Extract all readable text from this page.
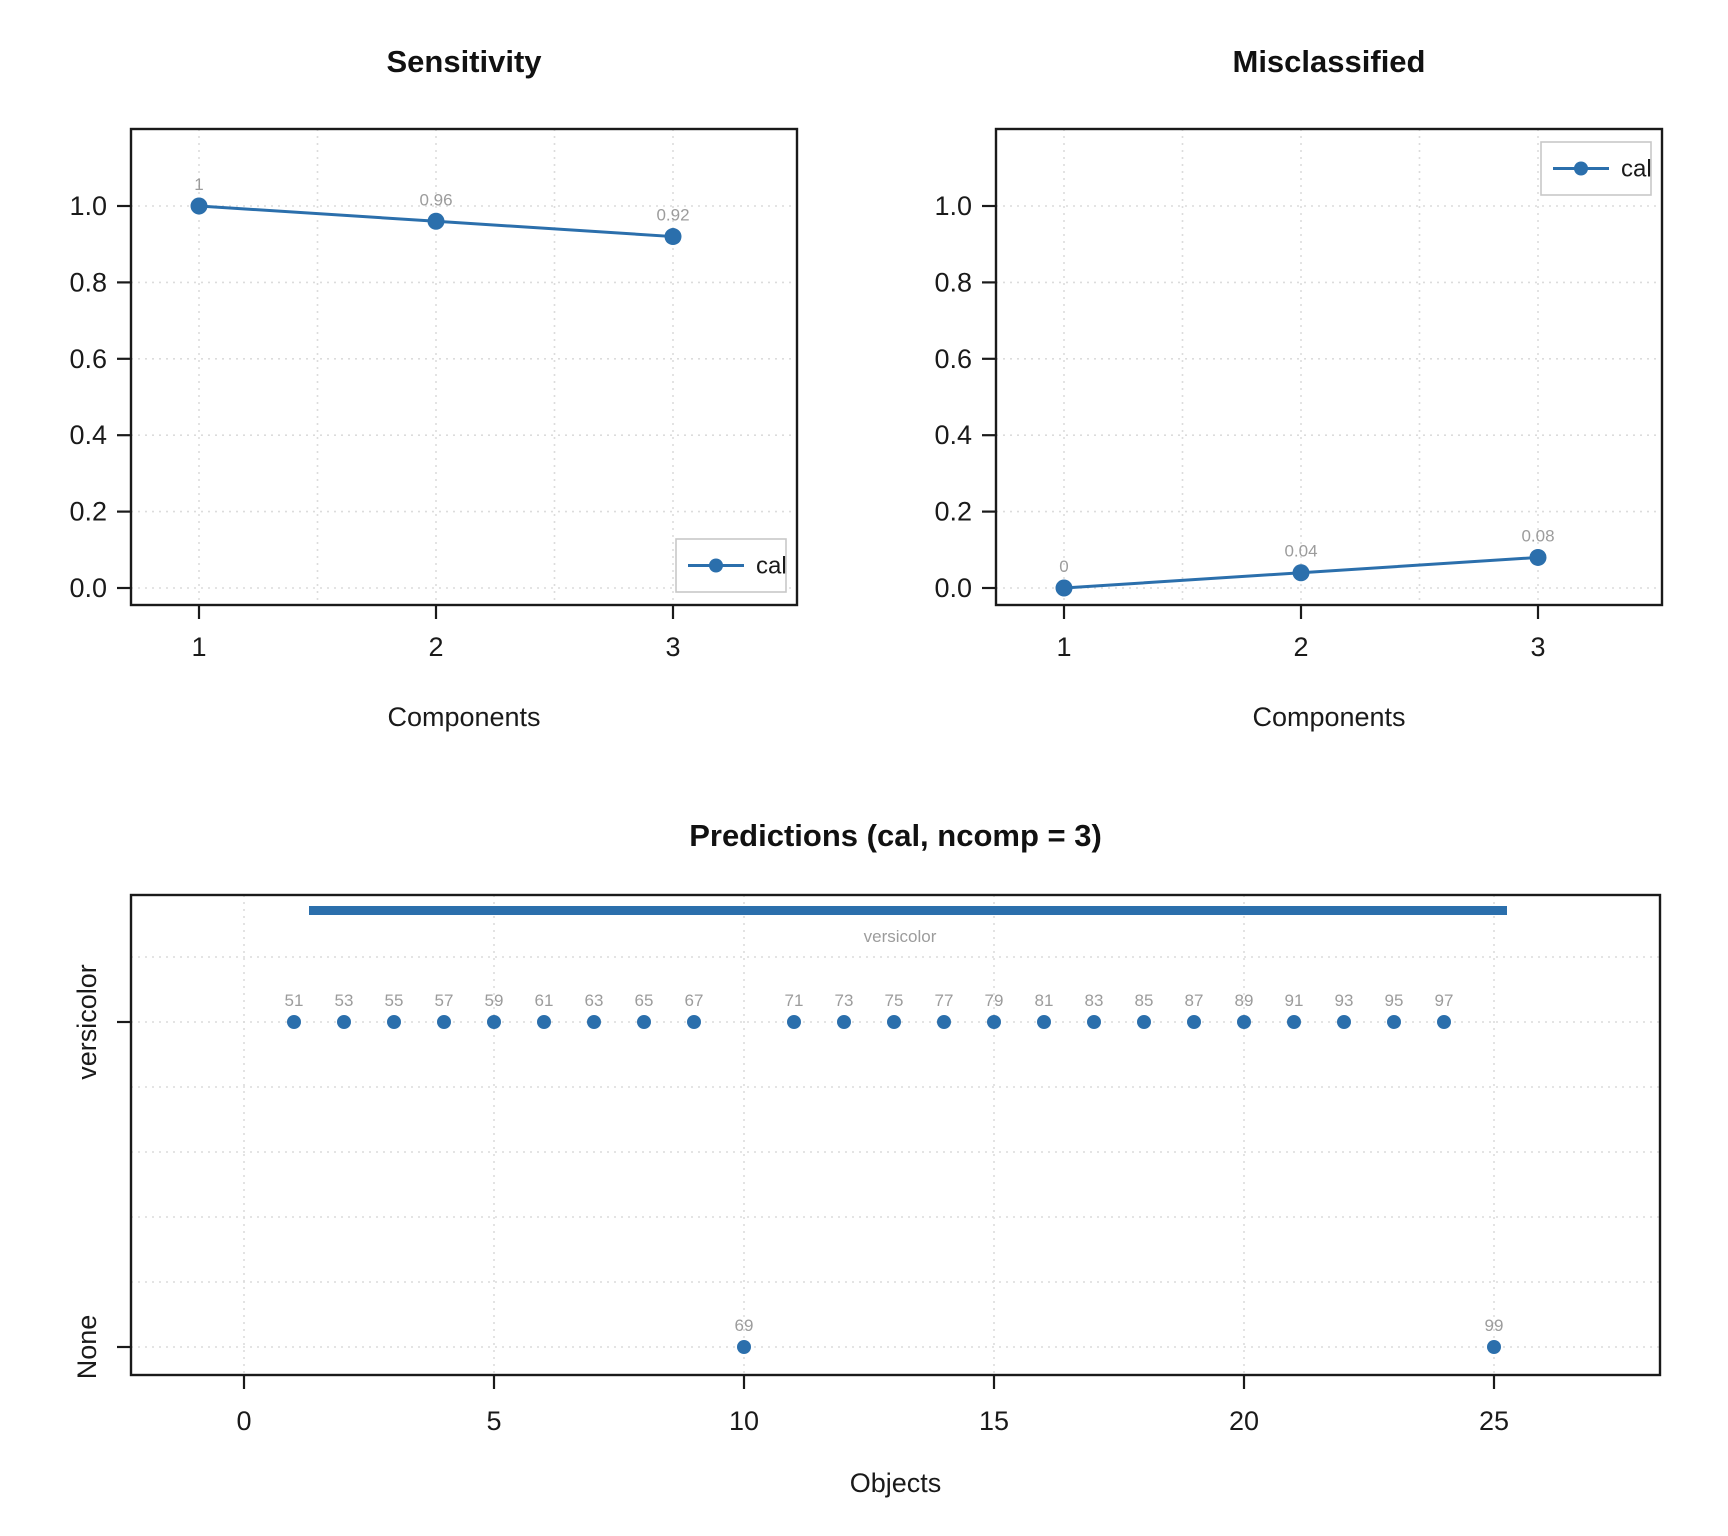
Sensitivity	Misclassified
Predictions (cal, ncomp = 3)
Components	Components
Objects
0.0
0.2
0.4
0.6
0.8
1.0
1	2	3
1
0.96
0.92
cal
0.0
0.2
0.4
0.6
0.8
1.0
1	2	3
0
0.04
0.08
cal
versicolor
0	5	10	15	20	25
versicolor
None
51 53 55 57 59 61 63 65 67
69
71 73 75 77 79 81 83 85 87 89 91 93 95 97
99
